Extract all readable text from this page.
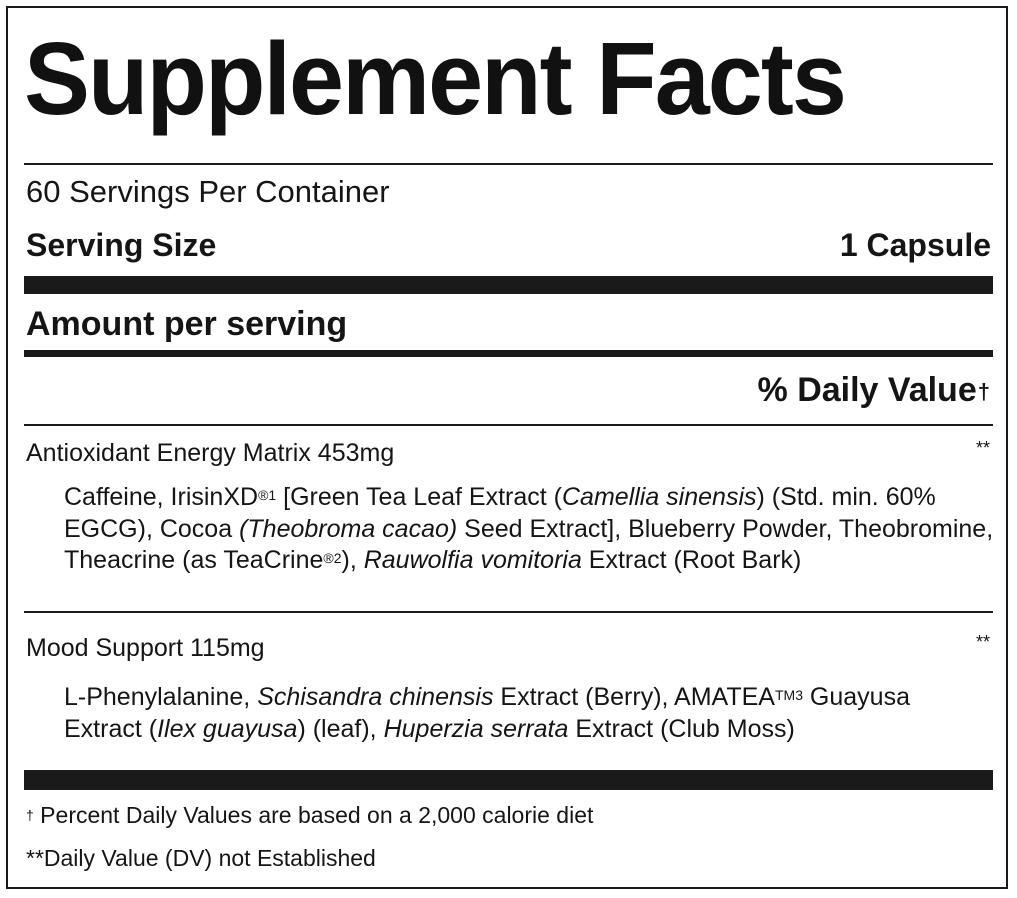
Supplement Facts
60 Servings Per Container
Serving Size	1 Capsule
Amount per serving
% Daily Value†
Antioxidant Energy Matrix 453mg	**
Caffeine, IrisinXD$^{®1}$ [Green Tea Leaf Extract (Camellia sinensis) (Std. min. 60% EGCG), Cocoa (Theobroma cacao) Seed Extract], Blueberry Powder, Theobromine, Theacrine (as TeaCrine$^{®2}$), Rauwolfia vomitoria Extract (Root Bark)
Mood Support 115mg	**
L-Phenylalanine, Schisandra chinensis Extract (Berry), $AMATEA^{TM3}$ Guayusa Extract (Ilex guayusa) (leaf), Huperzia serrata Extract (Club Moss)
† Percent Daily Values are based on a 2,000 calorie diet
**Daily Value (DV) not Established
